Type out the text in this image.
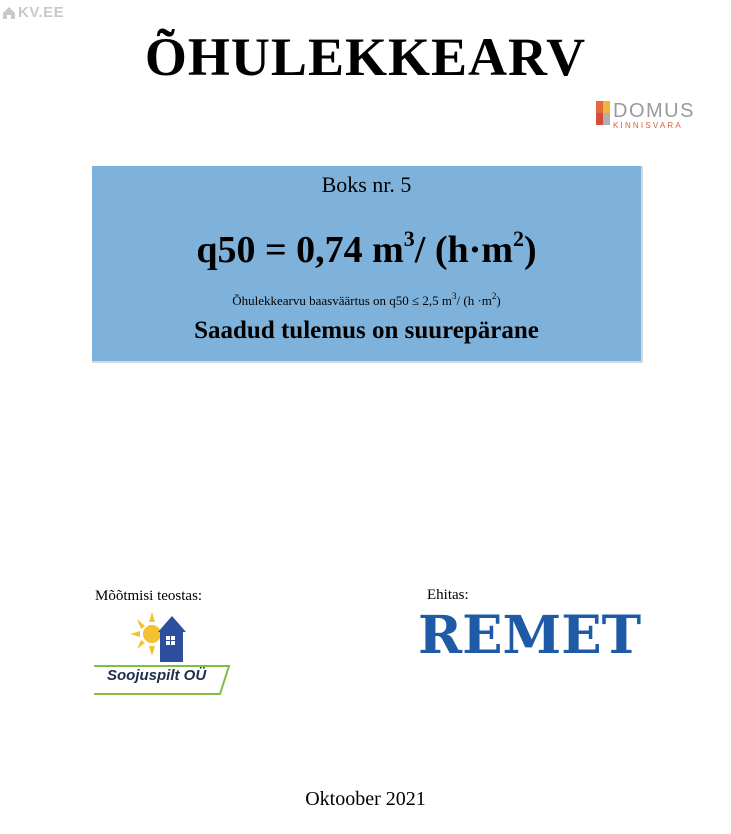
KV.EE
ÕHULEKKEARV
DOMUS
KINNISVARA
Boks nr. 5
q50 = 0,74 $m^3/$ $(h\cdot m^2)$
Õhulekkearvu baasväärtus on q50 ≤ 2,5 $m^3/$ $(h \cdot m^2)$
Saadud tulemus on suurepärane
Mõõtmisi teostas:
Soojuspilt OÜ
Ehitas:
REMET
Oktoober 2021
